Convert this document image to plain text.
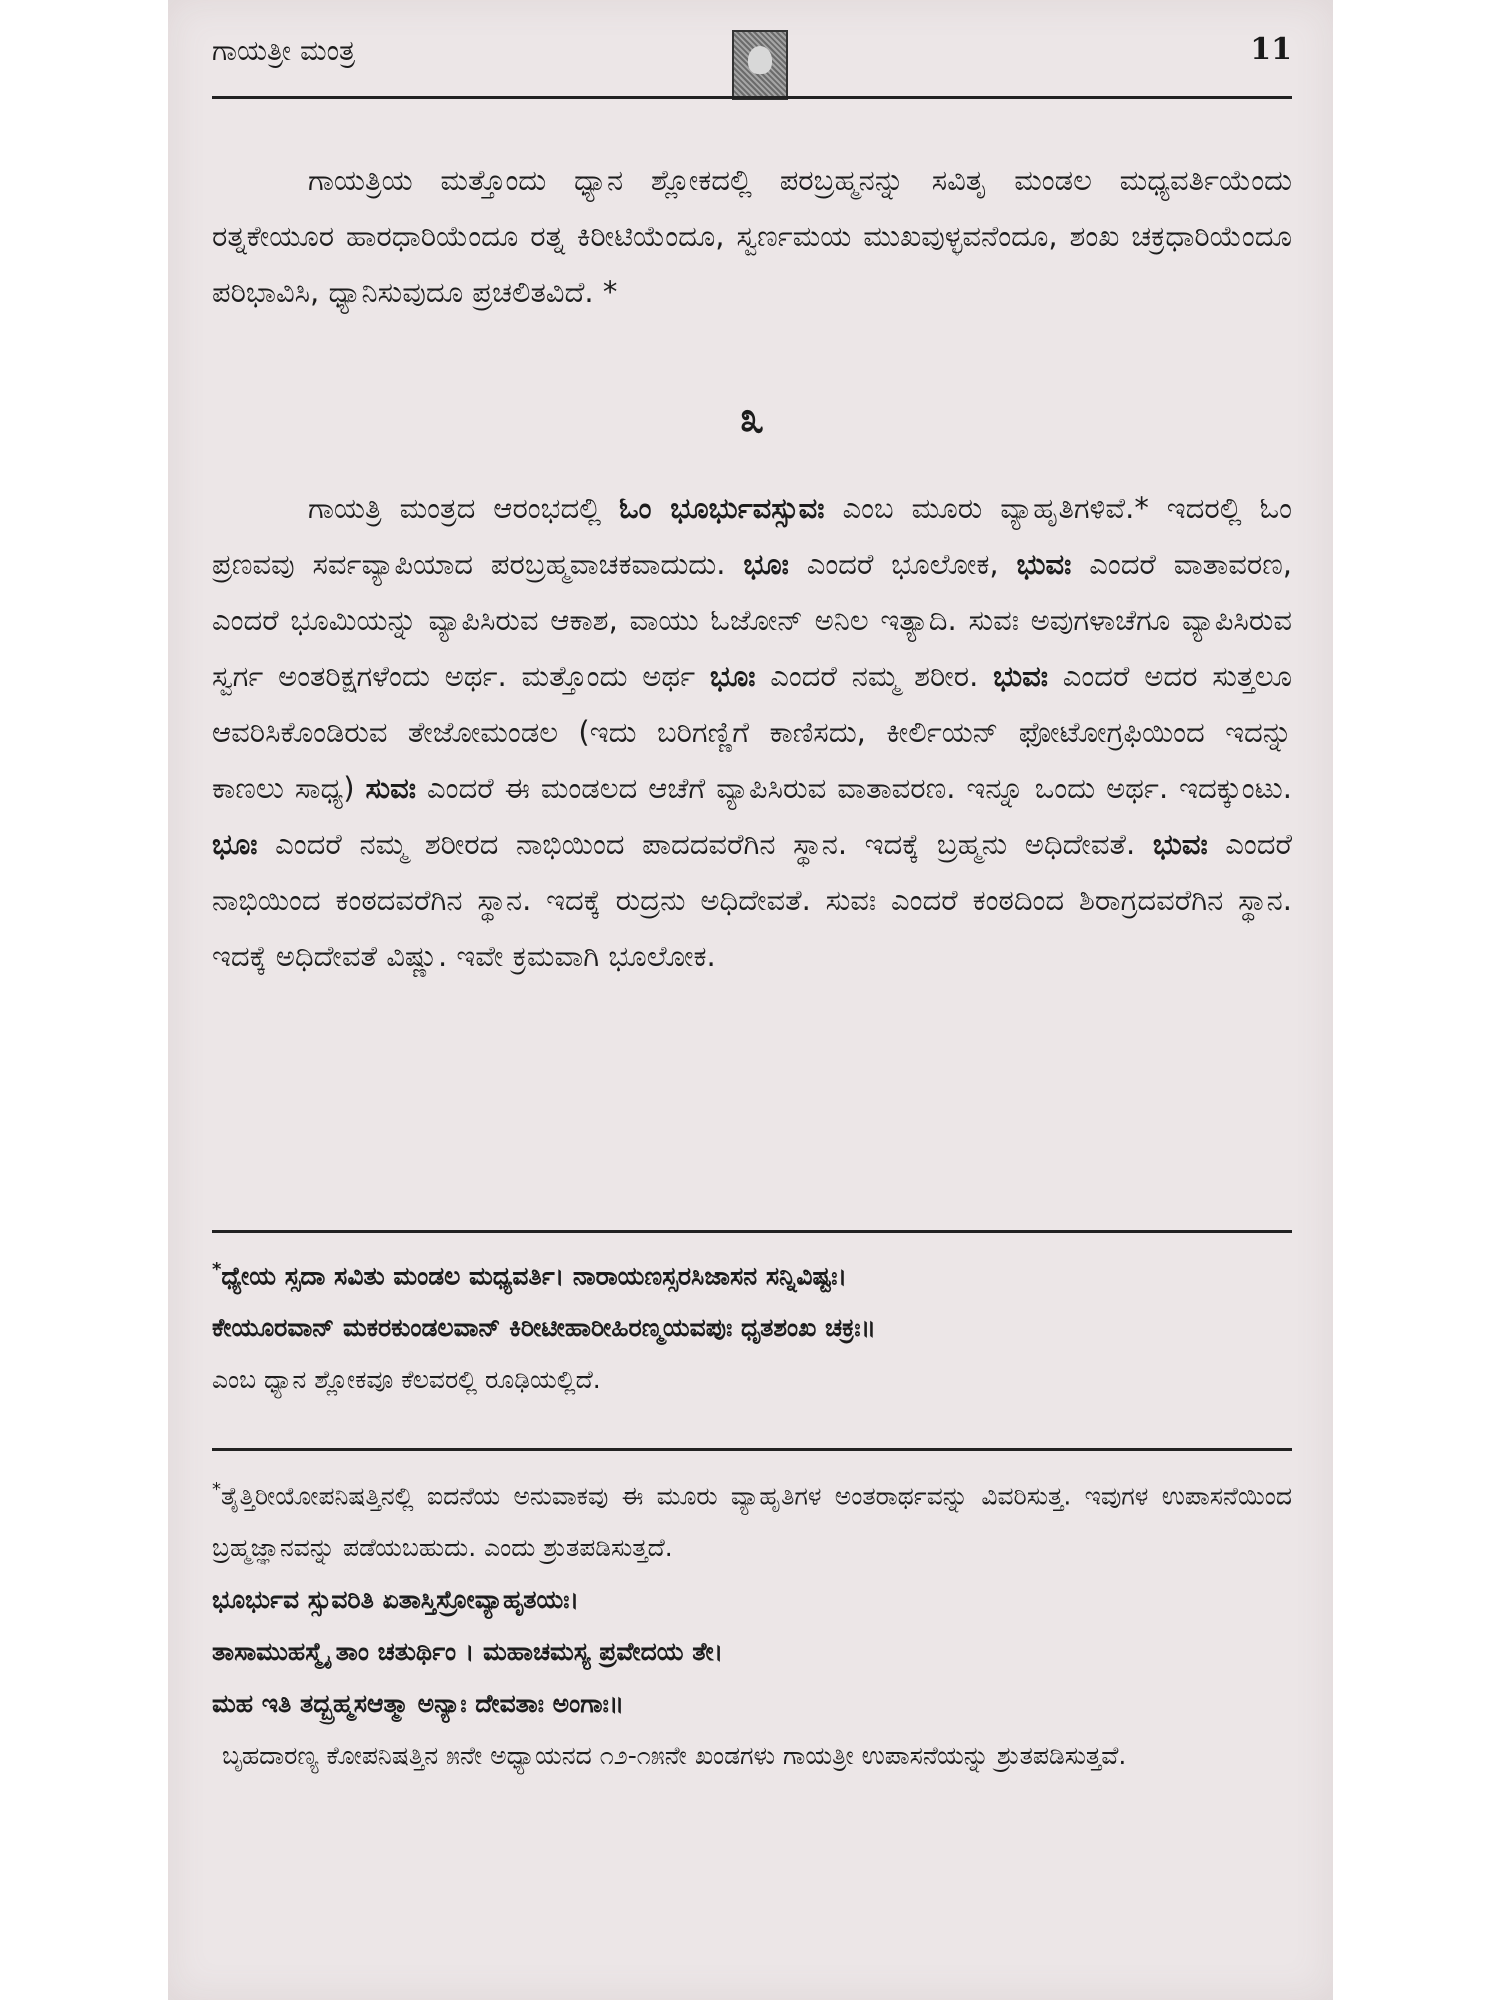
ಗಾಯತ್ರೀ ಮಂತ್ರ	11

ಗಾಯತ್ರಿಯ ಮತ್ತೊಂದು ಧ್ಯಾನ ಶ್ಲೋಕದಲ್ಲಿ ಪರಬ್ರಹ್ಮನನ್ನು ಸವಿತೃ ಮಂಡಲ ಮಧ್ಯವರ್ತಿಯೆಂದು ರತ್ನಕೇಯೂರ ಹಾರಧಾರಿಯೆಂದೂ ರತ್ನ ಕಿರೀಟಿಯೆಂದೂ, ಸ್ವರ್ಣಮಯ ಮುಖವುಳ್ಳವನೆಂದೂ, ಶಂಖ ಚಕ್ರಧಾರಿಯೆಂದೂ ಪರಿಭಾವಿಸಿ, ಧ್ಯಾನಿಸುವುದೂ ಪ್ರಚಲಿತವಿದೆ. *

೩

ಗಾಯತ್ರಿ ಮಂತ್ರದ ಆರಂಭದಲ್ಲಿ ಓಂ ಭೂರ್ಭುವಸ್ಸುವಃ ಎಂಬ ಮೂರು ವ್ಯಾಹೃತಿಗಳಿವೆ.* ಇದರಲ್ಲಿ ಓಂ ಪ್ರಣವವು ಸರ್ವವ್ಯಾಪಿಯಾದ ಪರಬ್ರಹ್ಮವಾಚಕವಾದುದು. ಭೂಃ ಎಂದರೆ ಭೂಲೋಕ, ಭುವಃ ಎಂದರೆ ವಾತಾವರಣ, ಎಂದರೆ ಭೂಮಿಯನ್ನು ವ್ಯಾಪಿಸಿರುವ ಆಕಾಶ, ವಾಯು ಓಜೋನ್ ಅನಿಲ ಇತ್ಯಾದಿ. ಸುವಃ ಅವುಗಳಾಚೆಗೂ ವ್ಯಾಪಿಸಿರುವ ಸ್ವರ್ಗ ಅಂತರಿಕ್ಷಗಳೆಂದು ಅರ್ಥ. ಮತ್ತೊಂದು ಅರ್ಥ ಭೂಃ ಎಂದರೆ ನಮ್ಮ ಶರೀರ. ಭುವಃ ಎಂದರೆ ಅದರ ಸುತ್ತಲೂ ಆವರಿಸಿಕೊಂಡಿರುವ ತೇಜೋಮಂಡಲ (ಇದು ಬರಿಗಣ್ಣಿಗೆ ಕಾಣಿಸದು, ಕೀರ್ಲಿಯನ್ ಫೋಟೋಗ್ರಫಿಯಿಂದ ಇದನ್ನು ಕಾಣಲು ಸಾಧ್ಯ) ಸುವಃ ಎಂದರೆ ಈ ಮಂಡಲದ ಆಚೆಗೆ ವ್ಯಾಪಿಸಿರುವ ವಾತಾವರಣ. ಇನ್ನೂ ಒಂದು ಅರ್ಥ. ಇದಕ್ಕುಂಟು. ಭೂಃ ಎಂದರೆ ನಮ್ಮ ಶರೀರದ ನಾಭಿಯಿಂದ ಪಾದದವರೆಗಿನ ಸ್ಥಾನ. ಇದಕ್ಕೆ ಬ್ರಹ್ಮನು ಅಧಿದೇವತೆ. ಭುವಃ ಎಂದರೆ ನಾಭಿಯಿಂದ ಕಂಠದವರೆಗಿನ ಸ್ಥಾನ. ಇದಕ್ಕೆ ರುದ್ರನು ಅಧಿದೇವತೆ. ಸುವಃ ಎಂದರೆ ಕಂಠದಿಂದ ಶಿರಾಗ್ರದವರೆಗಿನ ಸ್ಥಾನ. ಇದಕ್ಕೆ ಅಧಿದೇವತೆ ವಿಷ್ಣು. ಇವೇ ಕ್ರಮವಾಗಿ ಭೂಲೋಕ.

*ಧ್ಯೇಯ ಸ್ಸದಾ ಸವಿತು ಮಂಡಲ ಮಧ್ಯವರ್ತಿ। ನಾರಾಯಣಸ್ಸರಸಿಜಾಸನ ಸನ್ನಿವಿಷ್ಟಃ।

ಕೇಯೂರವಾನ್ ಮಕರಕುಂಡಲವಾನ್ ಕಿರೀಟೀಹಾರೀಹಿರಣ್ಮಯವಪುಃ ಧೃತಶಂಖ ಚಕ್ರಃ॥

ಎಂಬ ಧ್ಯಾನ ಶ್ಲೋಕವೂ ಕೆಲವರಲ್ಲಿ ರೂಢಿಯಲ್ಲಿದೆ.

*ತೈತ್ತಿರೀಯೋಪನಿಷತ್ತಿನಲ್ಲಿ ಐದನೆಯ ಅನುವಾಕವು ಈ ಮೂರು ವ್ಯಾಹೃತಿಗಳ ಅಂತರಾರ್ಥವನ್ನು ವಿವರಿಸುತ್ತ. ಇವುಗಳ ಉಪಾಸನೆಯಿಂದ ಬ್ರಹ್ಮಜ್ಞಾನವನ್ನು ಪಡೆಯಬಹುದು. ಎಂದು ಶ್ರುತಪಡಿಸುತ್ತದೆ.

ಭೂರ್ಭುವ ಸ್ಸುವರಿತಿ ಏತಾಸ್ತಿಸ್ರೋವ್ಯಾಹೃತಯಃ।

ತಾಸಾಮುಹಸ್ಮೈ ತಾಂ ಚತುರ್ಥಿಂ । ಮಹಾಚಮಸ್ಯ ಪ್ರವೇದಯ ತೇ।

ಮಹ ಇತಿ ತದ್ಬ್ರಹ್ಮಸಆತ್ಮಾ ಅನ್ಯಾಃ ದೇವತಾಃ ಅಂಗಾಃ॥

ಬೃಹದಾರಣ್ಯ ಕೋಪನಿಷತ್ತಿನ ೫ನೇ ಅಧ್ಯಾಯನದ ೧೨-೧೫ನೇ ಖಂಡಗಳು ಗಾಯತ್ರೀ ಉಪಾಸನೆಯನ್ನು ಶ್ರುತಪಡಿಸುತ್ತವೆ.
